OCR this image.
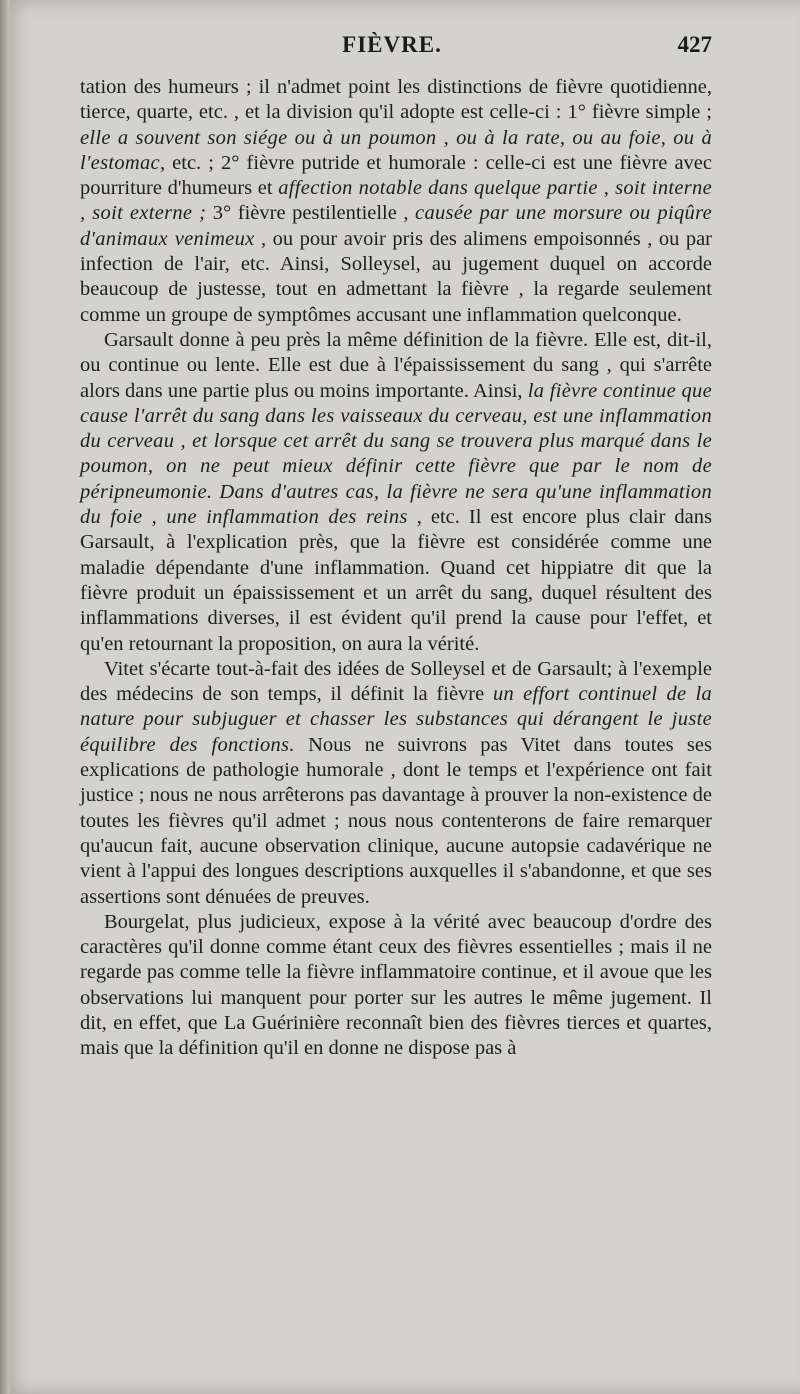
FIÈVRE.	427

tation des humeurs ; il n'admet point les distinctions de fièvre quotidienne, tierce, quarte, etc. , et la division qu'il adopte est celle-ci : 1° fièvre simple ; elle a souvent son siége ou à un poumon , ou à la rate, ou au foie, ou à l'estomac, etc. ; 2° fièvre putride et humorale : celle-ci est une fièvre avec pourriture d'humeurs et affection notable dans quelque partie , soit interne , soit externe ; 3° fièvre pestilentielle , causée par une morsure ou piqûre d'animaux venimeux , ou pour avoir pris des alimens empoisonnés , ou par infection de l'air, etc. Ainsi, Solleysel, au jugement duquel on accorde beaucoup de justesse, tout en admettant la fièvre , la regarde seulement comme un groupe de symptômes accusant une inflammation quelconque.

Garsault donne à peu près la même définition de la fièvre. Elle est, dit-il, ou continue ou lente. Elle est due à l'épaississement du sang , qui s'arrête alors dans une partie plus ou moins importante. Ainsi, la fièvre continue que cause l'arrêt du sang dans les vaisseaux du cerveau, est une inflammation du cerveau , et lorsque cet arrêt du sang se trouvera plus marqué dans le poumon, on ne peut mieux définir cette fièvre que par le nom de péripneumonie. Dans d'autres cas, la fièvre ne sera qu'une inflammation du foie , une inflammation des reins , etc. Il est encore plus clair dans Garsault, à l'explication près, que la fièvre est considérée comme une maladie dépendante d'une inflammation. Quand cet hippiatre dit que la fièvre produit un épaississement et un arrêt du sang, duquel résultent des inflammations diverses, il est évident qu'il prend la cause pour l'effet, et qu'en retournant la proposition, on aura la vérité.

Vitet s'écarte tout-à-fait des idées de Solleysel et de Garsault; à l'exemple des médecins de son temps, il définit la fièvre un effort continuel de la nature pour subjuguer et chasser les substances qui dérangent le juste équilibre des fonctions. Nous ne suivrons pas Vitet dans toutes ses explications de pathologie humorale , dont le temps et l'expérience ont fait justice ; nous ne nous arrêterons pas davantage à prouver la non-existence de toutes les fièvres qu'il admet ; nous nous contenterons de faire remarquer qu'aucun fait, aucune observation clinique, aucune autopsie cadavérique ne vient à l'appui des longues descriptions auxquelles il s'abandonne, et que ses assertions sont dénuées de preuves.

Bourgelat, plus judicieux, expose à la vérité avec beaucoup d'ordre des caractères qu'il donne comme étant ceux des fièvres essentielles ; mais il ne regarde pas comme telle la fièvre inflammatoire continue, et il avoue que les observations lui manquent pour porter sur les autres le même jugement. Il dit, en effet, que La Guérinière reconnaît bien des fièvres tierces et quartes, mais que la définition qu'il en donne ne dispose pas à
